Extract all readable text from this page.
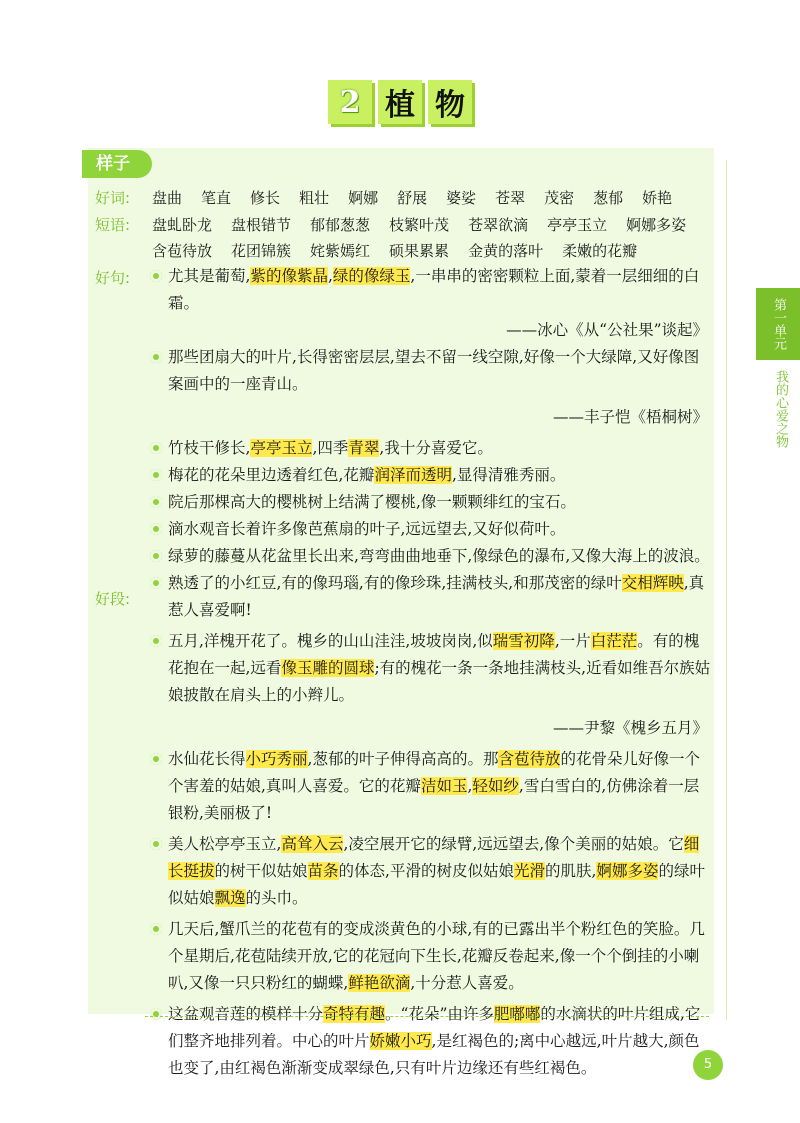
2 植 物
样子
第一单元
我的心爱之物
好词: 盘曲 笔直 修长 粗壮 婀娜 舒展 婆娑 苍翠 茂密 葱郁 娇艳
短语: 盘虬卧龙 盘根错节 郁郁葱葱 枝繁叶茂 苍翠欲滴 亭亭玉立 婀娜多姿
含苞待放 花团锦簇 姹紫嫣红 硕果累累 金黄的落叶 柔嫩的花瓣
好句:
好段:
尤其是葡萄,紫的像紫晶,绿的像绿玉,一串串的密密颗粒上面,蒙着一层细细的白霜。
——冰心《从“公社果”谈起》
那些团扇大的叶片,长得密密层层,望去不留一线空隙,好像一个大绿障,又好像图案画中的一座青山。
——丰子恺《梧桐树》
竹枝干修长,亭亭玉立,四季青翠,我十分喜爱它。
梅花的花朵里边透着红色,花瓣润泽而透明,显得清雅秀丽。
院后那棵高大的樱桃树上结满了樱桃,像一颗颗绯红的宝石。
滴水观音长着许多像芭蕉扇的叶子,远远望去,又好似荷叶。
绿萝的藤蔓从花盆里长出来,弯弯曲曲地垂下,像绿色的瀑布,又像大海上的波浪。
熟透了的小红豆,有的像玛瑙,有的像珍珠,挂满枝头,和那茂密的绿叶交相辉映,真惹人喜爱啊!
五月,洋槐开花了。槐乡的山山洼洼,坡坡岗岗,似瑞雪初降,一片白茫茫。有的槐花抱在一起,远看像玉雕的圆球;有的槐花一条一条地挂满枝头,近看如维吾尔族姑娘披散在肩头上的小辫儿。
——尹黎《槐乡五月》
水仙花长得小巧秀丽,葱郁的叶子伸得高高的。那含苞待放的花骨朵儿好像一个个害羞的姑娘,真叫人喜爱。它的花瓣洁如玉,轻如纱,雪白雪白的,仿佛涂着一层银粉,美丽极了!
美人松亭亭玉立,高耸入云,凌空展开它的绿臂,远远望去,像个美丽的姑娘。它细长挺拔的树干似姑娘苗条的体态,平滑的树皮似姑娘光滑的肌肤,婀娜多姿的绿叶似姑娘飘逸的头巾。
几天后,蟹爪兰的花苞有的变成淡黄色的小球,有的已露出半个粉红色的笑脸。几个星期后,花苞陆续开放,它的花冠向下生长,花瓣反卷起来,像一个个倒挂的小喇叭,又像一只只粉红的蝴蝶,鲜艳欲滴,十分惹人喜爱。
这盆观音莲的模样十分奇特有趣。“花朵”由许多肥嘟嘟的水滴状的叶片组成,它们整齐地排列着。中心的叶片娇嫩小巧,是红褐色的;离中心越远,叶片越大,颜色也变了,由红褐色渐渐变成翠绿色,只有叶片边缘还有些红褐色。	5
